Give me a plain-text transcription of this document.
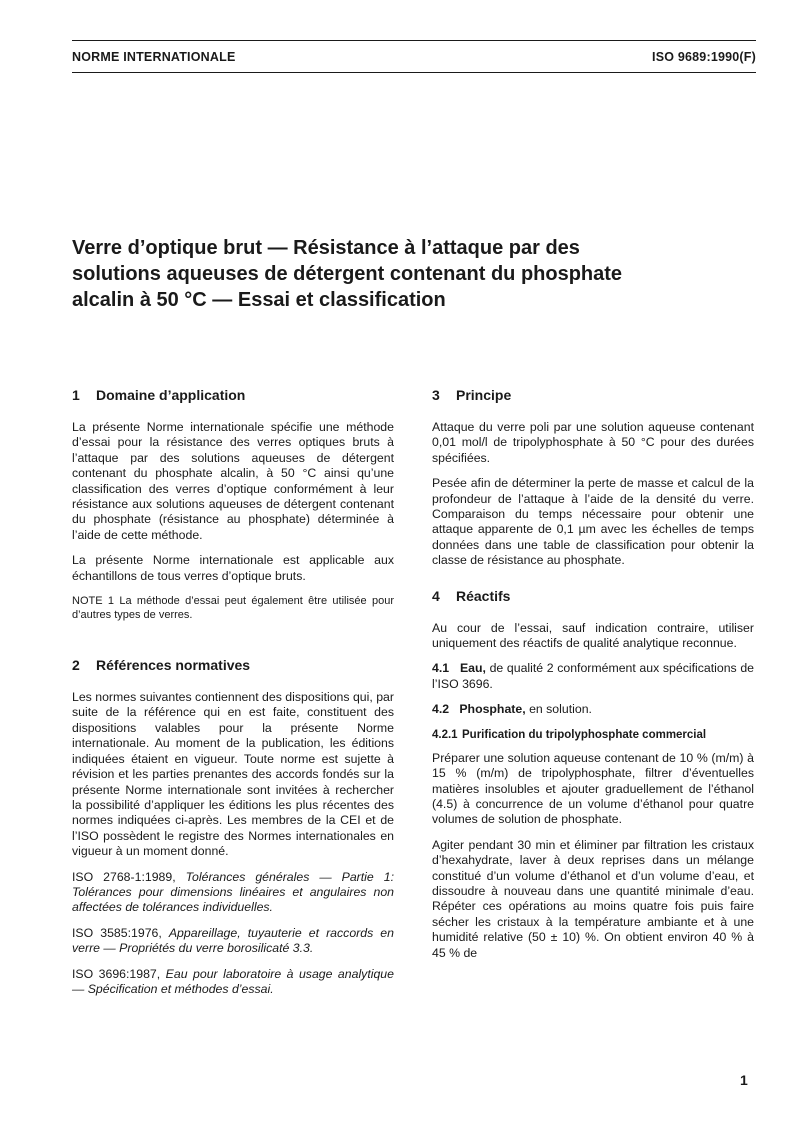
NORME INTERNATIONALE	ISO 9689:1990(F)
Verre d’optique brut — Résistance à l’attaque par des
solutions aqueuses de détergent contenant du phosphate
alcalin à 50 °C — Essai et classification
1 Domaine d’application

La présente Norme internationale spécifie une méthode d’essai pour la résistance des verres optiques bruts à l’attaque par des solutions aqueuses de détergent contenant du phosphate alcalin, à 50 °C ainsi qu’une classification des verres d’optique conformément à leur résistance aux solutions aqueuses de détergent contenant du phosphate (résistance au phosphate) déterminée à l’aide de cette méthode.

La présente Norme internationale est applicable aux échantillons de tous verres d’optique bruts.

NOTE 1 La méthode d’essai peut également être utilisée pour d’autres types de verres.

2 Références normatives

Les normes suivantes contiennent des dispositions qui, par suite de la référence qui en est faite, constituent des dispositions valables pour la présente Norme internationale. Au moment de la publication, les éditions indiquées étaient en vigueur. Toute norme est sujette à révision et les parties prenantes des accords fondés sur la présente Norme internationale sont invitées à rechercher la possibilité d’appliquer les éditions les plus récentes des normes indiquées ci-après. Les membres de la CEI et de l’ISO possèdent le registre des Normes internationales en vigueur à un moment donné.

ISO 2768-1:1989, Tolérances générales — Partie 1: Tolérances pour dimensions linéaires et angulaires non affectées de tolérances individuelles.

ISO 3585:1976, Appareillage, tuyauterie et raccords en verre — Propriétés du verre borosilicaté 3.3.

ISO 3696:1987, Eau pour laboratoire à usage analytique — Spécification et méthodes d’essai.

3 Principe

Attaque du verre poli par une solution aqueuse contenant 0,01 mol/l de tripolyphosphate à 50 °C pour des durées spécifiées.

Pesée afin de déterminer la perte de masse et calcul de la profondeur de l’attaque à l’aide de la densité du verre. Comparaison du temps nécessaire pour obtenir une attaque apparente de 0,1 µm avec les échelles de temps données dans une table de classification pour obtenir la classe de résistance au phosphate.

4 Réactifs

Au cour de l’essai, sauf indication contraire, utiliser uniquement des réactifs de qualité analytique reconnue.

4.1 Eau, de qualité 2 conformément aux spécifications de l’ISO 3696.

4.2 Phosphate, en solution.

4.2.1 Purification du tripolyphosphate commercial

Préparer une solution aqueuse contenant de 10 % (m/m) à 15 % (m/m) de tripolyphosphate, filtrer d’éventuelles matières insolubles et ajouter graduellement de l’éthanol (4.5) à concurrence de un volume d’éthanol pour quatre volumes de solution de phosphate.

Agiter pendant 30 min et éliminer par filtration les cristaux d’hexahydrate, laver à deux reprises dans un mélange constitué d’un volume d’éthanol et d’un volume d’eau, et dissoudre à nouveau dans une quantité minimale d’eau. Répéter ces opérations au moins quatre fois puis faire sécher les cristaux à la température ambiante et à une humidité relative (50 ± 10) %. On obtient environ 40 % à 45 % de

1
